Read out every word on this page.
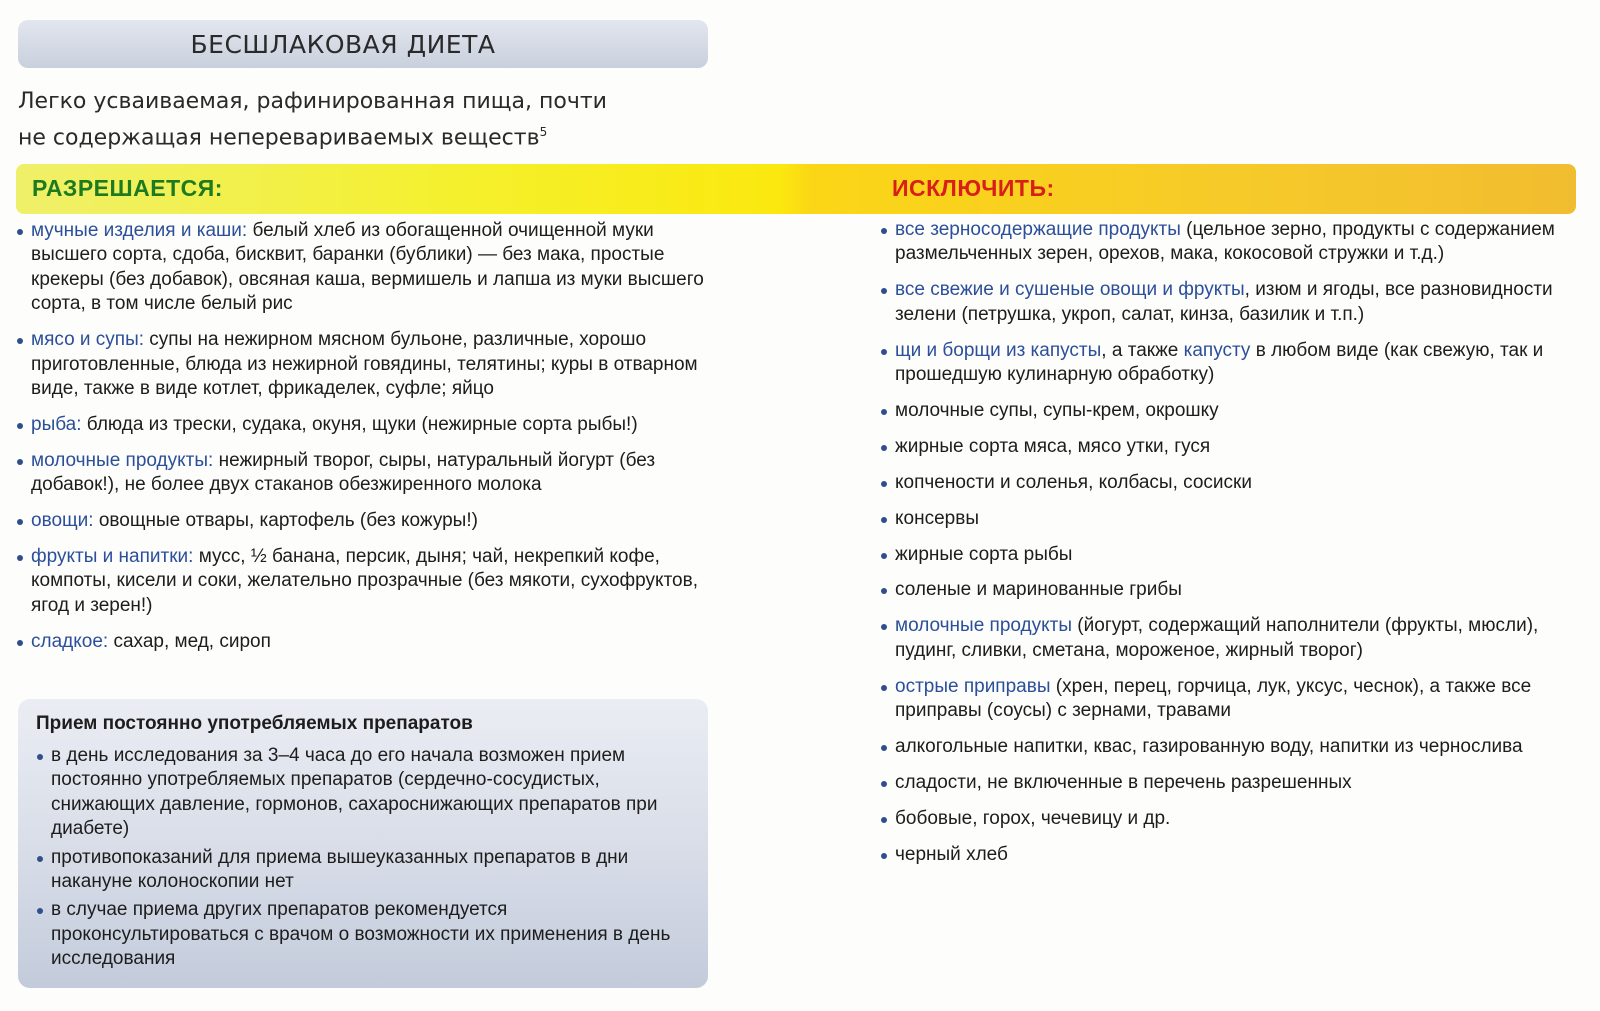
БЕСШЛАКОВАЯ ДИЕТА
Легко усваиваемая, рафинированная пища, почти
не содержащая неперевариваемых веществ$^5$
РАЗРЕШАЕТСЯ:	ИСКЛЮЧИТЬ:
мучные изделия и каши: белый хлеб из обогащенной очищенной муки высшего сорта, сдоба, бисквит, баранки (бублики) — без мака, простые крекеры (без добавок), овсяная каша, вермишель и лапша из муки высшего сорта, в том числе белый рис
мясо и супы: супы на нежирном мясном бульоне, различные, хорошо приготовленные, блюда из нежирной говядины, телятины; куры в отварном виде, также в виде котлет, фрикаделек, суфле; яйцо
рыба: блюда из трески, судака, окуня, щуки (нежирные сорта рыбы!)
молочные продукты: нежирный творог, сыры, натуральный йогурт (без добавок!), не более двух стаканов обезжиренного молока
овощи: овощные отвары, картофель (без кожуры!)
фрукты и напитки: мусс, ½ банана, персик, дыня; чай, некрепкий кофе, компоты, кисели и соки, желательно прозрачные (без мякоти, сухофруктов, ягод и зерен!)
сладкое: сахар, мед, сироп
Прием постоянно употребляемых препаратов
в день исследования за 3–4 часа до его начала возможен прием постоянно употребляемых препаратов (сердечно-сосудистых, снижающих давление, гормонов, сахароснижающих препаратов при диабете)
противопоказаний для приема вышеуказанных препаратов в дни накануне колоноскопии нет
в случае приема других препаратов рекомендуется проконсультироваться с врачом о возможности их применения в день исследования
все зерносодержащие продукты (цельное зерно, продукты с содержанием размельченных зерен, орехов, мака, кокосовой стружки и т.д.)
все свежие и сушеные овощи и фрукты, изюм и ягоды, все разновидности зелени (петрушка, укроп, салат, кинза, базилик и т.п.)
щи и борщи из капусты, а также капусту в любом виде (как свежую, так и прошедшую кулинарную обработку)
молочные супы, супы-крем, окрошку
жирные сорта мяса, мясо утки, гуся
копчености и соленья, колбасы, сосиски
консервы
жирные сорта рыбы
соленые и маринованные грибы
молочные продукты (йогурт, содержащий наполнители (фрукты, мюсли), пудинг, сливки, сметана, мороженое, жирный творог)
острые приправы (хрен, перец, горчица, лук, уксус, чеснок), а также все приправы (соусы) с зернами, травами
алкогольные напитки, квас, газированную воду, напитки из чернослива
сладости, не включенные в перечень разрешенных
бобовые, горох, чечевицу и др.
черный хлеб
